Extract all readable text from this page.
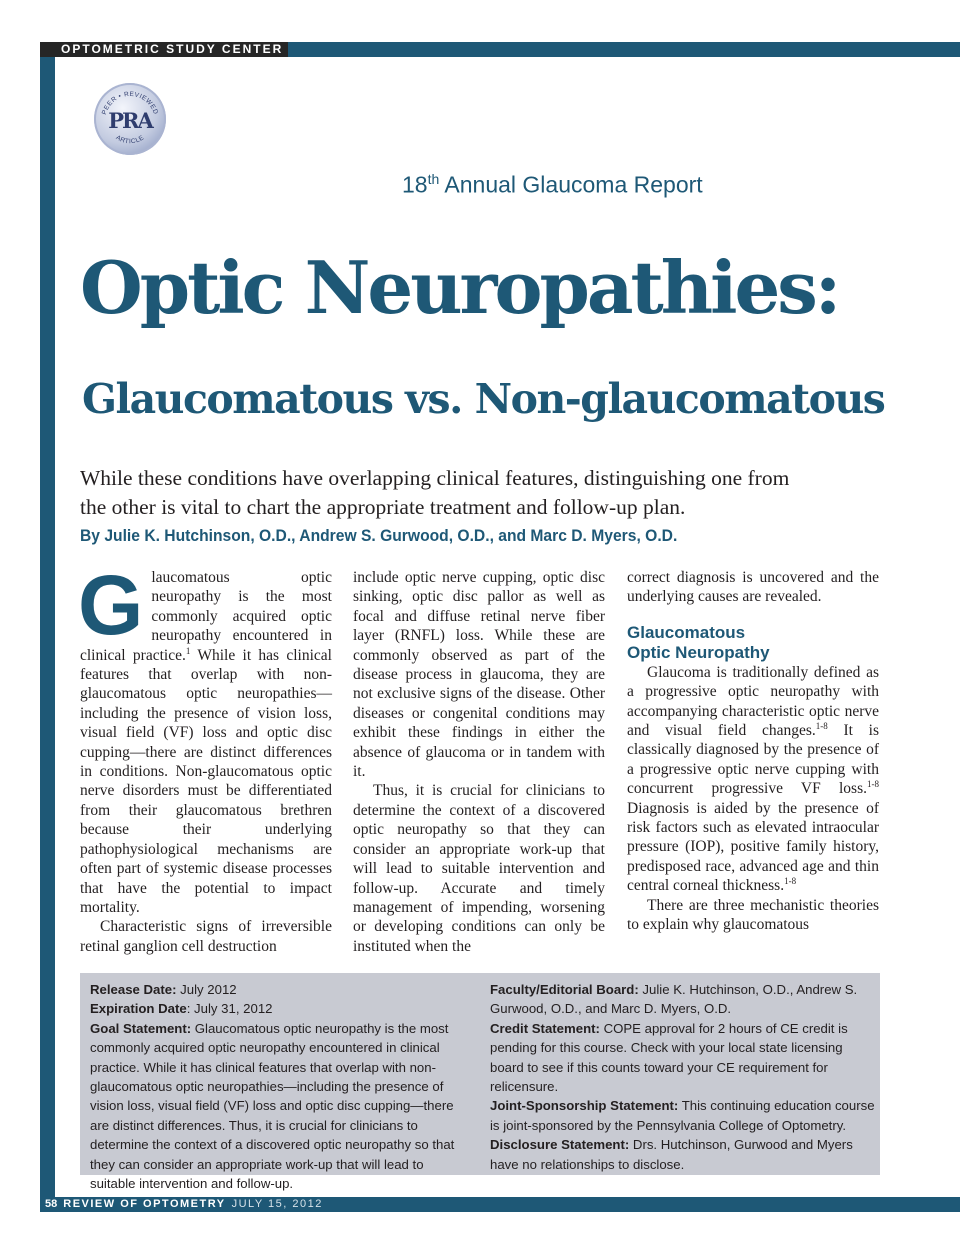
OPTOMETRIC STUDY CENTER
PEER • REVIEWED
ARTICLE
PRA
18th Annual Glaucoma Report
Optic Neuropathies:
Glaucomatous vs. Non-glaucomatous
While these conditions have overlapping clinical features, distinguishing one from the other is vital to chart the appropriate treatment and follow-up plan.
By Julie K. Hutchinson, O.D., Andrew S. Gurwood, O.D., and Marc D. Myers, O.D.

Glaucomatous optic neuropathy is the most commonly acquired optic neuropathy encountered in clinical practice.$^1$ While it has clinical features that overlap with non-glaucomatous optic neuropathies—including the presence of vision loss, visual field (VF) loss and optic disc cupping—there are distinct differences in conditions. Non-glaucomatous optic nerve disorders must be differentiated from their glaucomatous brethren because their underlying pathophysiological mechanisms are often part of systemic disease processes that have the potential to impact mortality.

Characteristic signs of irreversible retinal ganglion cell destruction

include optic nerve cupping, optic disc sinking, optic disc pallor as well as focal and diffuse retinal nerve fiber layer (RNFL) loss. While these are commonly observed as part of the disease process in glaucoma, they are not exclusive signs of the disease. Other diseases or congenital conditions may exhibit these findings in either the absence of glaucoma or in tandem with it.

Thus, it is crucial for clinicians to determine the context of a discovered optic neuropathy so that they can consider an appropriate work-up that will lead to suitable intervention and follow-up. Accurate and timely management of impending, worsening or developing conditions can only be instituted when the

correct diagnosis is uncovered and the underlying causes are revealed.

Glaucomatous
Optic Neuropathy

Glaucoma is traditionally defined as a progressive optic neuropathy with accompanying characteristic optic nerve and visual field changes.$^{1-8}$ It is classically diagnosed by the presence of a progressive optic nerve cupping with concurrent progressive VF loss.$^{1-8}$ Diagnosis is aided by the presence of risk factors such as elevated intraocular pressure (IOP), positive family history, predisposed race, advanced age and thin central corneal thickness.$^{1-8}$

There are three mechanistic theories to explain why glaucomatous

Release Date: July 2012

Expiration Date: July 31, 2012

Goal Statement: Glaucomatous optic neuropathy is the most commonly acquired optic neuropathy encountered in clinical practice. While it has clinical features that overlap with non-glaucomatous optic neuropathies—including the presence of vision loss, visual field (VF) loss and optic disc cupping—there are distinct differences. Thus, it is crucial for clinicians to determine the context of a discovered optic neuropathy so that they can consider an appropriate work-up that will lead to suitable intervention and follow-up.

Faculty/Editorial Board: Julie K. Hutchinson, O.D., Andrew S. Gurwood, O.D., and Marc D. Myers, O.D.

Credit Statement: COPE approval for 2 hours of CE credit is pending for this course. Check with your local state licensing board to see if this counts toward your CE requirement for relicensure.

Joint-Sponsorship Statement: This continuing education course is joint-sponsored by the Pennsylvania College of Optometry.

Disclosure Statement: Drs. Hutchinson, Gurwood and Myers have no relationships to disclose.

58 REVIEW OF OPTOMETRY JULY 15, 2012
